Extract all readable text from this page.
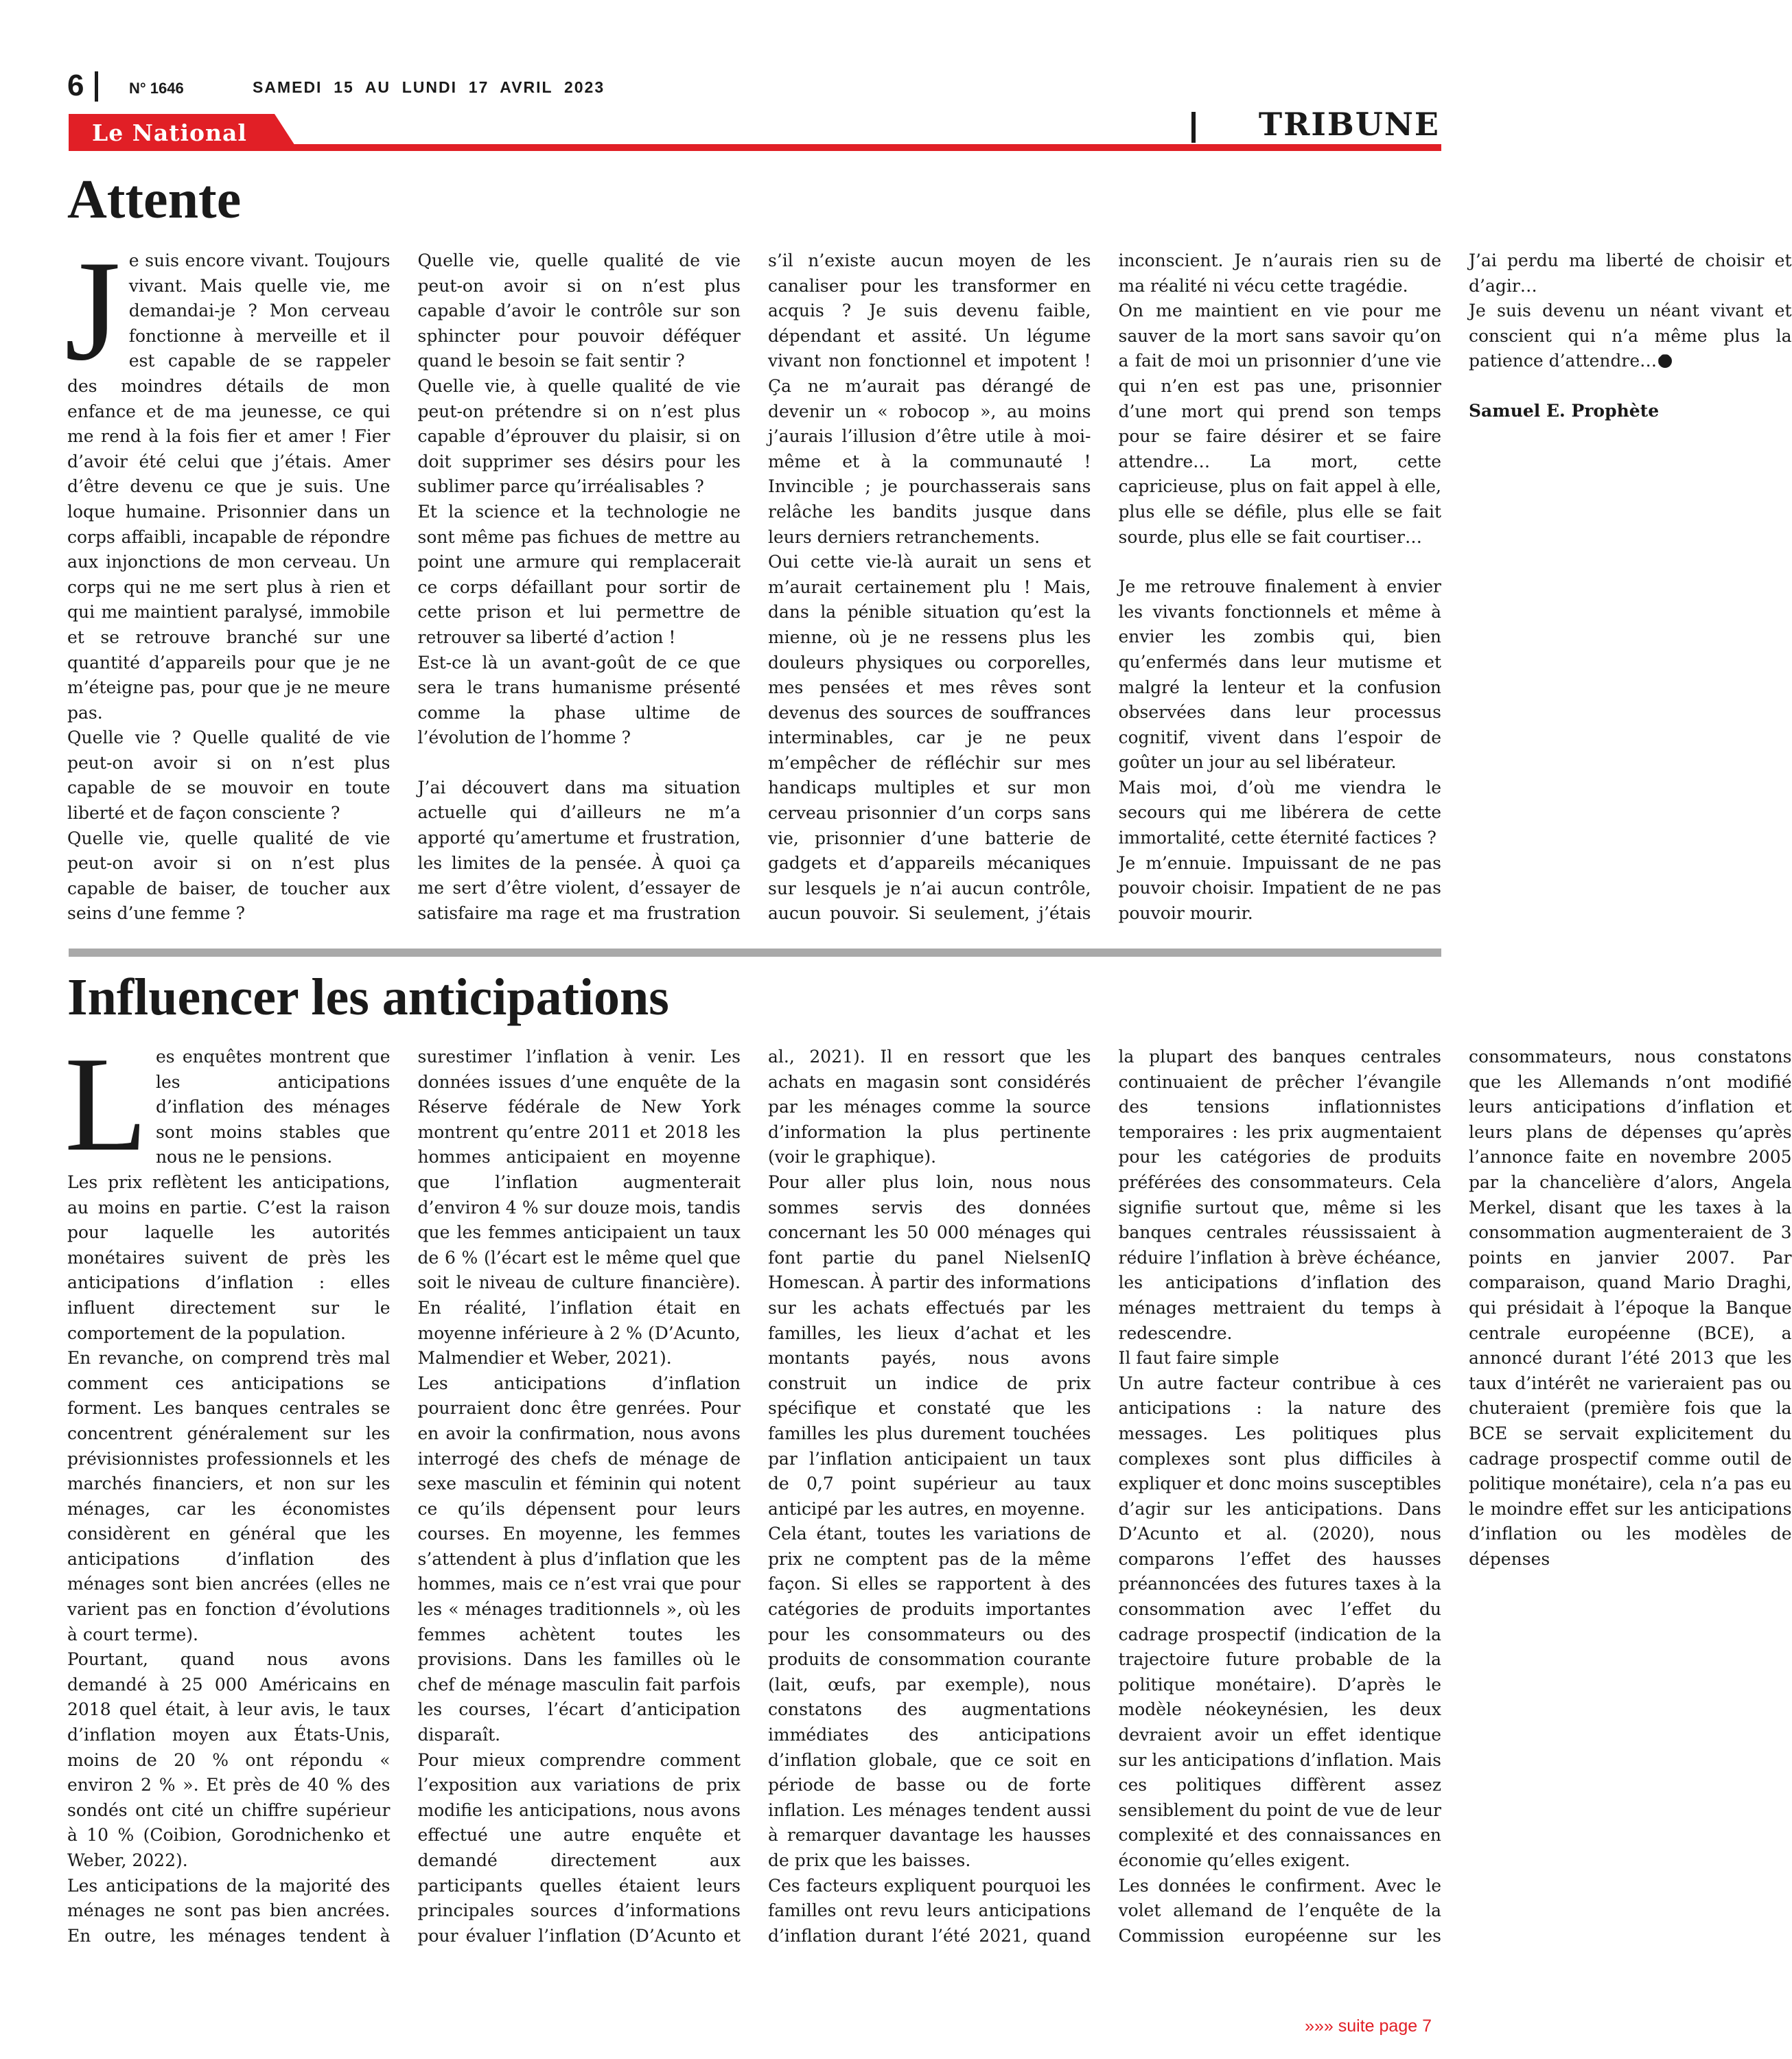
6	N° 1646	SAMEDI  15  AU  LUNDI  17  AVRIL  2023
Le National	TRIBUNE
Attente

Je suis encore vivant. Toujours vivant. Mais quelle vie, me demandai-je ? Mon cerveau fonctionne à merveille et il est capable de se rappeler des moindres détails de mon enfance et de ma jeunesse, ce qui me rend à la fois fier et amer ! Fier d’avoir été celui que j’étais. Amer d’être devenu ce que je suis. Une loque humaine. Prisonnier dans un corps affaibli, incapable de répondre aux injonctions de mon cerveau. Un corps qui ne me sert plus à rien et qui me maintient paralysé, immobile et se retrouve branché sur une quantité d’appareils pour que je ne m’éteigne pas, pour que je ne meure pas.

Quelle vie ? Quelle qualité de vie peut-on avoir si on n’est plus capable de se mouvoir en toute liberté et de façon consciente ?

Quelle vie, quelle qualité de vie peut-on avoir si on n’est plus capable de baiser, de toucher aux seins d’une femme ?

Quelle vie, quelle qualité de vie peut-on avoir si on n’est plus capable d’avoir le contrôle sur son sphincter pour pouvoir déféquer quand le besoin se fait sentir ?

Quelle vie, à quelle qualité de vie peut-on prétendre si on n’est plus capable d’éprouver du plaisir, si on doit supprimer ses désirs pour les sublimer parce qu’irréalisables ?

Et la science et la technologie ne sont même pas fichues de mettre au point une armure qui remplacerait ce corps défaillant pour sortir de cette prison et lui permettre de retrouver sa liberté d’action !

Est-ce là un avant-goût de ce que sera le trans humanisme présenté comme la phase ultime de l’évolution de l’homme ?

J’ai découvert dans ma situation actuelle qui d’ailleurs ne m’a apporté qu’amertume et frustration, les limites de la pensée. À quoi ça me sert d’être violent, d’essayer de satisfaire ma rage et ma frustration s’il n’existe aucun moyen de les canaliser pour les transformer en acquis ? Je suis devenu faible, dépendant et assité. Un légume vivant non fonctionnel et impotent ! Ça ne m’aurait pas dérangé de devenir un « robocop », au moins j’aurais l’illusion d’être utile à moi-même et à la communauté ! Invincible ; je pourchasserais sans relâche les bandits jusque dans leurs derniers retranchements.

Oui cette vie-là aurait un sens et m’aurait certainement plu ! Mais, dans la pénible situation qu’est la mienne, où je ne ressens plus les douleurs physiques ou corporelles, mes pensées et mes rêves sont devenus des sources de souffrances interminables, car je ne peux m’empêcher de réfléchir sur mes handicaps multiples et sur mon cerveau prisonnier d’un corps sans vie, prisonnier d’une batterie de gadgets et d’appareils mécaniques sur lesquels je n’ai aucun contrôle, aucun pouvoir. Si seulement, j’étais inconscient. Je n’aurais rien su de ma réalité ni vécu cette tragédie.

On me maintient en vie pour me sauver de la mort sans savoir qu’on a fait de moi un prisonnier d’une vie qui n’en est pas une, prisonnier d’une mort qui prend son temps pour se faire désirer et se faire attendre… La mort, cette capricieuse, plus on fait appel à elle, plus elle se défile, plus elle se fait sourde, plus elle se fait courtiser…

Je me retrouve finalement à envier les vivants fonctionnels et même à envier les zombis qui, bien qu’enfermés dans leur mutisme et malgré la lenteur et la confusion observées dans leur processus cognitif, vivent dans l’espoir de goûter un jour au sel libérateur.

Mais moi, d’où me viendra le secours qui me libérera de cette immortalité, cette éternité factices ?

Je m’ennuie. Impuissant de ne pas pouvoir choisir. Impatient de ne pas pouvoir mourir.

J’ai perdu ma liberté de choisir et d’agir…

Je suis devenu un néant vivant et conscient qui n’a même plus la patience d’attendre…

Samuel E. Prophète

Influencer les anticipations

Les enquêtes montrent que les anticipations d’inflation des ménages sont moins stables que nous ne le pensions.

Les prix reflètent les anticipations, au moins en partie. C’est la raison pour laquelle les autorités monétaires suivent de près les anticipations d’inflation : elles influent directement sur le comportement de la population.

En revanche, on comprend très mal comment ces anticipations se forment. Les banques centrales se concentrent généralement sur les prévisionnistes professionnels et les marchés financiers, et non sur les ménages, car les économistes considèrent en général que les anticipations d’inflation des ménages sont bien ancrées (elles ne varient pas en fonction d’évolutions à court terme).

Pourtant, quand nous avons demandé à 25 000 Américains en 2018 quel était, à leur avis, le taux d’inflation moyen aux États-Unis, moins de 20 % ont répondu « environ 2 % ». Et près de 40 % des sondés ont cité un chiffre supérieur à 10 % (Coibion, Gorodnichenko et Weber, 2022).

Les anticipations de la majorité des ménages ne sont pas bien ancrées. En outre, les ménages tendent à surestimer l’inflation à venir. Les données issues d’une enquête de la Réserve fédérale de New York montrent qu’entre 2011 et 2018 les hommes anticipaient en moyenne que l’inflation augmenterait d’environ 4 % sur douze mois, tandis que les femmes anticipaient un taux de 6 % (l’écart est le même quel que soit le niveau de culture financière). En réalité, l’inflation était en moyenne inférieure à 2 % (D’Acunto, Malmendier et Weber, 2021).

Les anticipations d’inflation pourraient donc être genrées. Pour en avoir la confirmation, nous avons interrogé des chefs de ménage de sexe masculin et féminin qui notent ce qu’ils dépensent pour leurs courses. En moyenne, les femmes s’attendent à plus d’inflation que les hommes, mais ce n’est vrai que pour les « ménages traditionnels », où les femmes achètent toutes les provisions. Dans les familles où le chef de ménage masculin fait parfois les courses, l’écart d’anticipation disparaît.

Pour mieux comprendre comment l’exposition aux variations de prix modifie les anticipations, nous avons effectué une autre enquête et demandé directement aux participants quelles étaient leurs principales sources d’informations pour évaluer l’inflation (D’Acunto et al., 2021). Il en ressort que les achats en magasin sont considérés par les ménages comme la source d’information la plus pertinente (voir le graphique).

Pour aller plus loin, nous nous sommes servis des données concernant les 50 000 ménages qui font partie du panel NielsenIQ Homescan. À partir des informations sur les achats effectués par les familles, les lieux d’achat et les montants payés, nous avons construit un indice de prix spécifique et constaté que les familles les plus durement touchées par l’inflation anticipaient un taux de 0,7 point supérieur au taux anticipé par les autres, en moyenne.

Cela étant, toutes les variations de prix ne comptent pas de la même façon. Si elles se rapportent à des catégories de produits importantes pour les consommateurs ou des produits de consommation courante (lait, œufs, par exemple), nous constatons des augmentations immédiates des anticipations d’inflation globale, que ce soit en période de basse ou de forte inflation. Les ménages tendent aussi à remarquer davantage les hausses de prix que les baisses.

Ces facteurs expliquent pourquoi les familles ont revu leurs anticipations d’inflation durant l’été 2021, quand la plupart des banques centrales continuaient de prêcher l’évangile des tensions inflationnistes temporaires : les prix augmentaient pour les catégories de produits préférées des consommateurs. Cela signifie surtout que, même si les banques centrales réussissaient à réduire l’inflation à brève échéance, les anticipations d’inflation des ménages mettraient du temps à redescendre.

Il faut faire simple

Un autre facteur contribue à ces anticipations : la nature des messages. Les politiques plus complexes sont plus difficiles à expliquer et donc moins susceptibles d’agir sur les anticipations. Dans D’Acunto et al. (2020), nous comparons l’effet des hausses préannoncées des futures taxes à la consommation avec l’effet du cadrage prospectif (indication de la trajectoire future probable de la politique monétaire). D’après le modèle néokeynésien, les deux devraient avoir un effet identique sur les anticipations d’inflation. Mais ces politiques diffèrent assez sensiblement du point de vue de leur complexité et des connaissances en économie qu’elles exigent.

Les données le confirment. Avec le volet allemand de l’enquête de la Commission européenne sur les consommateurs, nous constatons que les Allemands n’ont modifié leurs anticipations d’inflation et leurs plans de dépenses qu’après l’annonce faite en novembre 2005 par la chancelière d’alors, Angela Merkel, disant que les taxes à la consommation augmenteraient de 3 points en janvier 2007. Par comparaison, quand Mario Draghi, qui présidait à l’époque la Banque centrale européenne (BCE), a annoncé durant l’été 2013 que les taux d’intérêt ne varieraient pas ou chuteraient (première fois que la BCE se servait explicitement du cadrage prospectif comme outil de politique monétaire), cela n’a pas eu le moindre effet sur les anticipations d’inflation ou les modèles de dépenses

»»» suite page 7
